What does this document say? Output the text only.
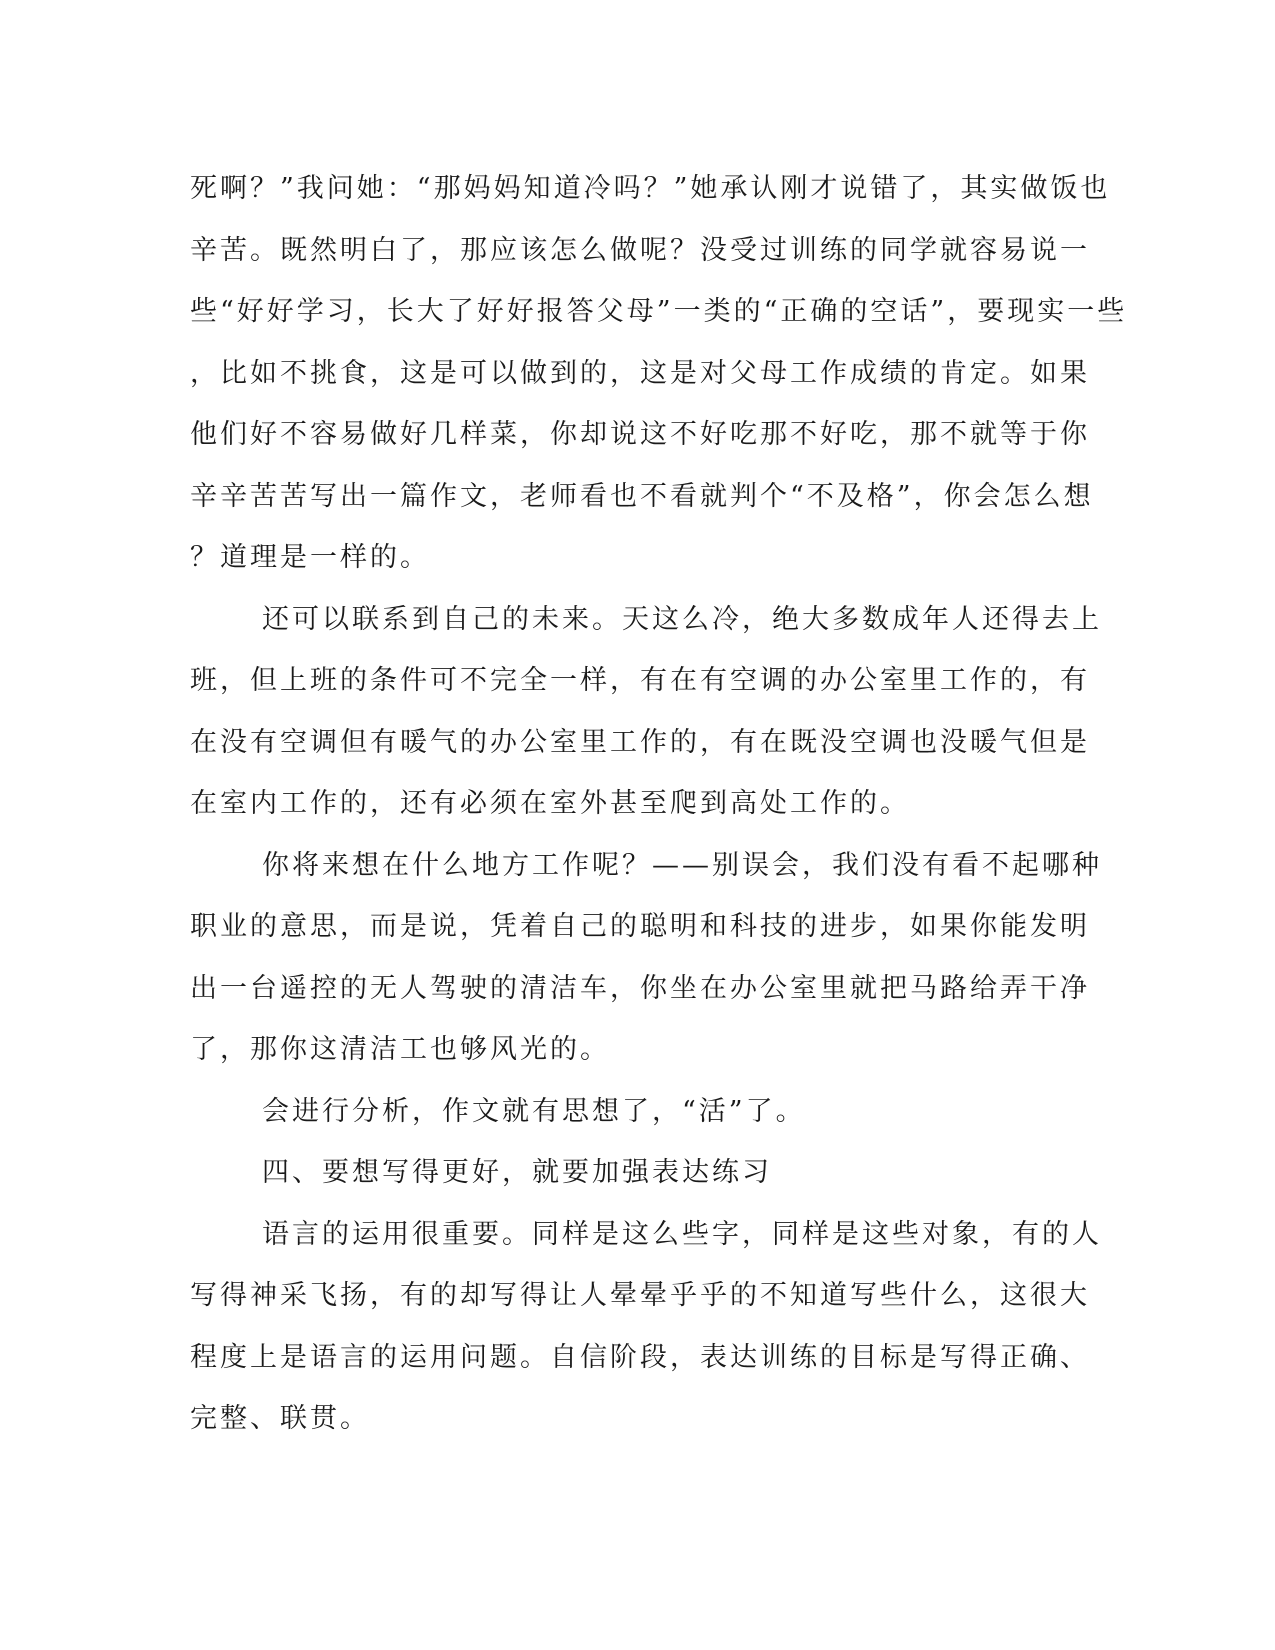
死啊？”我问她：“那妈妈知道冷吗？”她承认刚才说错了，其实做饭也
辛苦。既然明白了，那应该怎么做呢？没受过训练的同学就容易说一
些“好好学习，长大了好好报答父母”一类的“正确的空话”，要现实一些
，比如不挑食，这是可以做到的，这是对父母工作成绩的肯定。如果
他们好不容易做好几样菜，你却说这不好吃那不好吃，那不就等于你
辛辛苦苦写出一篇作文，老师看也不看就判个“不及格”，你会怎么想
？道理是一样的。
还可以联系到自己的未来。天这么冷，绝大多数成年人还得去上
班，但上班的条件可不完全一样，有在有空调的办公室里工作的，有
在没有空调但有暖气的办公室里工作的，有在既没空调也没暖气但是
在室内工作的，还有必须在室外甚至爬到高处工作的。
你将来想在什么地方工作呢？——别误会，我们没有看不起哪种
职业的意思，而是说，凭着自己的聪明和科技的进步，如果你能发明
出一台遥控的无人驾驶的清洁车，你坐在办公室里就把马路给弄干净
了，那你这清洁工也够风光的。
会进行分析，作文就有思想了，“活”了。
四、要想写得更好，就要加强表达练习
语言的运用很重要。同样是这么些字，同样是这些对象，有的人
写得神采飞扬，有的却写得让人晕晕乎乎的不知道写些什么，这很大
程度上是语言的运用问题。自信阶段，表达训练的目标是写得正确、
完整、联贯。
